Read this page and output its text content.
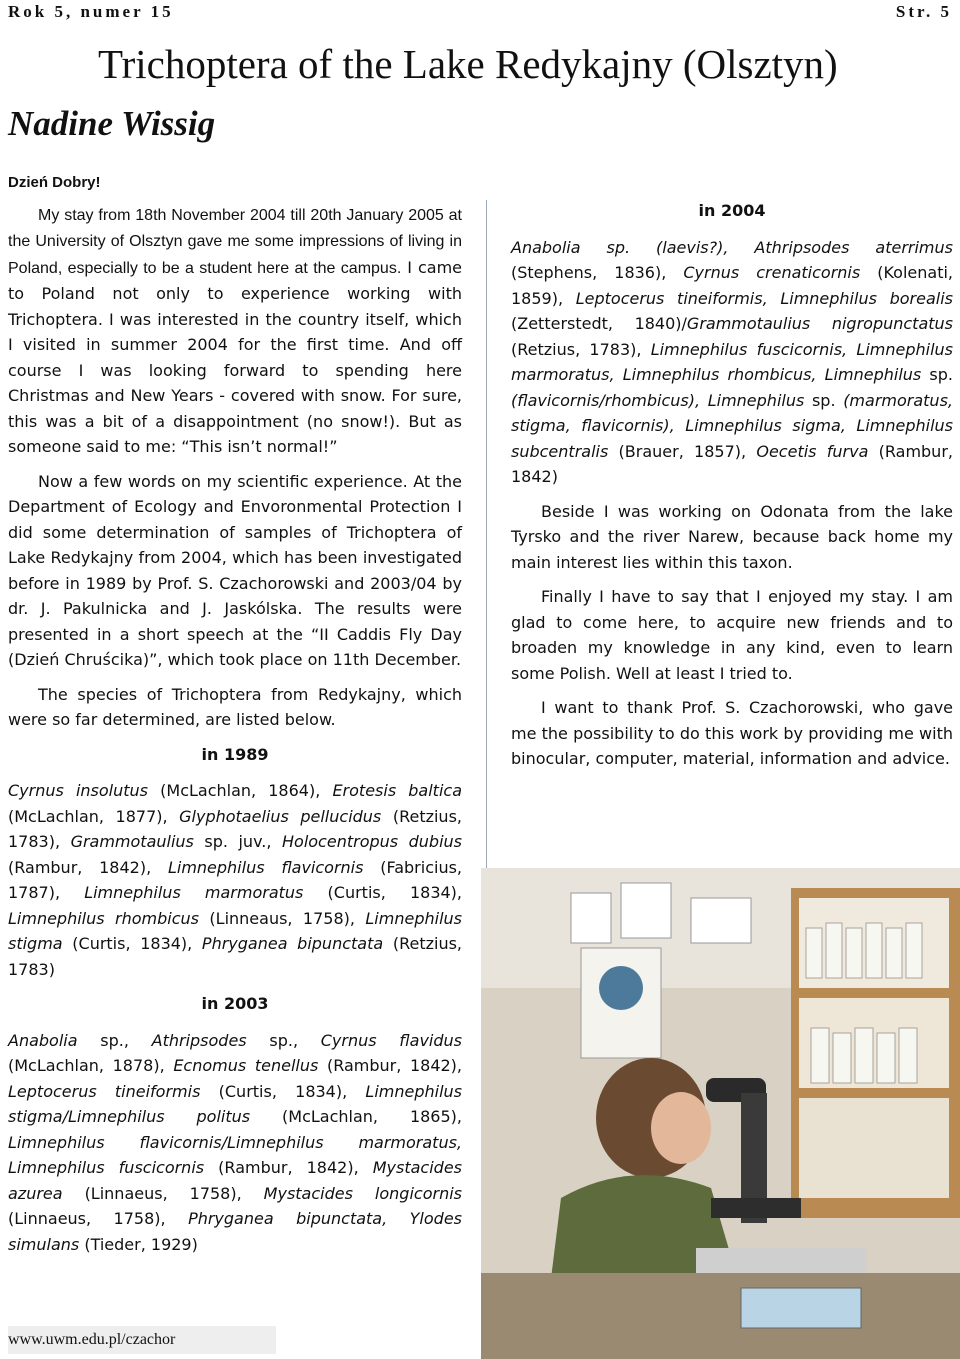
Rok 5, numer 15	Str. 5
Trichoptera of the Lake Redykajny (Olsztyn)
Nadine Wissig
Dzień Dobry!

My stay from 18th November 2004 till 20th January 2005 at the University of Olsztyn gave me some impressions of living in Poland, especially to be a student here at the campus. I came to Poland not only to experience working with Trichoptera. I was interested in the country itself, which I visited in summer 2004 for the first time. And off course I was looking forward to spending here Christmas and New Years - covered with snow. For sure, this was a bit of a disappointment (no snow!). But as someone said to me: “This isn’t normal!”

Now a few words on my scientific experience. At the Department of Ecology and Envoronmental Protection I did some determination of samples of Trichoptera of Lake Redykajny from 2004, which has been investigated before in 1989 by Prof. S. Czachorowski and 2003/04 by dr. J. Pakulnicka and J. Jaskólska. The results were presented in a short speech at the “II Caddis Fly Day (Dzień Chruścika)”, which took place on 11th December.

The species of Trichoptera from Redykajny, which were so far determined, are listed below.

in 1989

Cyrnus insolutus (McLachlan, 1864), Erotesis baltica (McLachlan, 1877), Glyphotaelius pellucidus (Retzius, 1783), Grammotaulius sp. juv., Holocentropus dubius (Rambur, 1842), Limnephilus flavicornis (Fabricius, 1787), Limnephilus marmoratus (Curtis, 1834), Limnephilus rhombicus (Linneaus, 1758), Limnephilus stigma (Curtis, 1834), Phryganea bipunctata (Retzius, 1783)

in 2003

Anabolia sp., Athripsodes sp., Cyrnus flavidus (McLachlan, 1878), Ecnomus tenellus (Rambur, 1842), Leptocerus tineiformis (Curtis, 1834), Limnephilus stigma/Limnephilus politus (McLachlan, 1865), Limnephilus flavicornis/Limnephilus marmoratus, Limnephilus fuscicornis (Rambur, 1842), Mystacides azurea (Linnaeus, 1758), Mystacides longicornis (Linnaeus, 1758), Phryganea bipunctata, Ylodes simulans (Tieder, 1929)

in 2004

Anabolia sp. (laevis?), Athripsodes aterrimus (Stephens, 1836), Cyrnus crenaticornis (Kolenati, 1859), Leptocerus tineiformis, Limnephilus borealis (Zetterstedt, 1840)/Grammotaulius nigropunctatus (Retzius, 1783), Limnephilus fuscicornis, Limnephilus marmoratus, Limnephilus rhombicus, Limnephilus sp. (flavicornis/rhombicus), Limnephilus sp. (marmoratus, stigma, flavicornis), Limnephilus sigma, Limnephilus subcentralis (Brauer, 1857), Oecetis furva (Rambur, 1842)

Beside I was working on Odonata from the lake Tyrsko and the river Narew, because back home my main interest lies within this taxon.

Finally I have to say that I enjoyed my stay. I am glad to come here, to acquire new friends and to broaden my knowledge in any kind, even to learn some Polish. Well at least I tried to.

I want to thank Prof. S. Czachorowski, who gave me the possibility to do this work by providing me with binocular, computer, material, information and advice.

www.uwm.edu.pl/czachor
